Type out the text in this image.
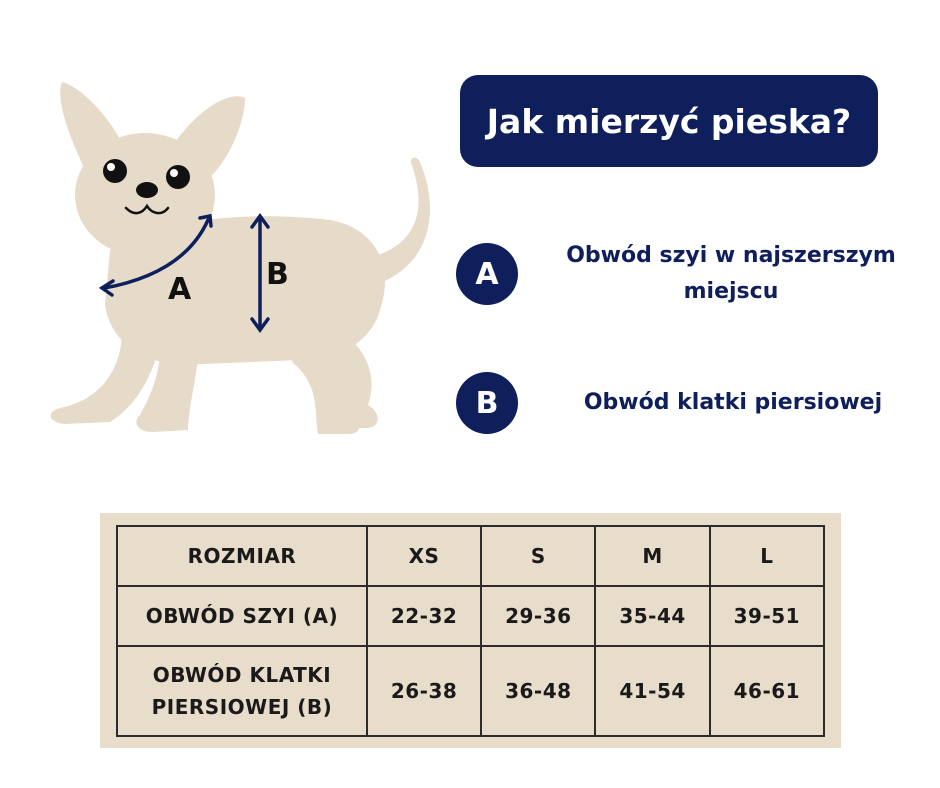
A B
Jak mierzyć pieska?
A
Obwód szyi w najszerszym miejscu
B	Obwód klatki piersiowej
ROZMIAR	XS	S	M	L
OBWÓD SZYI (A)	22-32	29-36	35-44	39-51
OBWÓD KLATKI PIERSIOWEJ (B)	26-38	36-48	41-54	46-61
